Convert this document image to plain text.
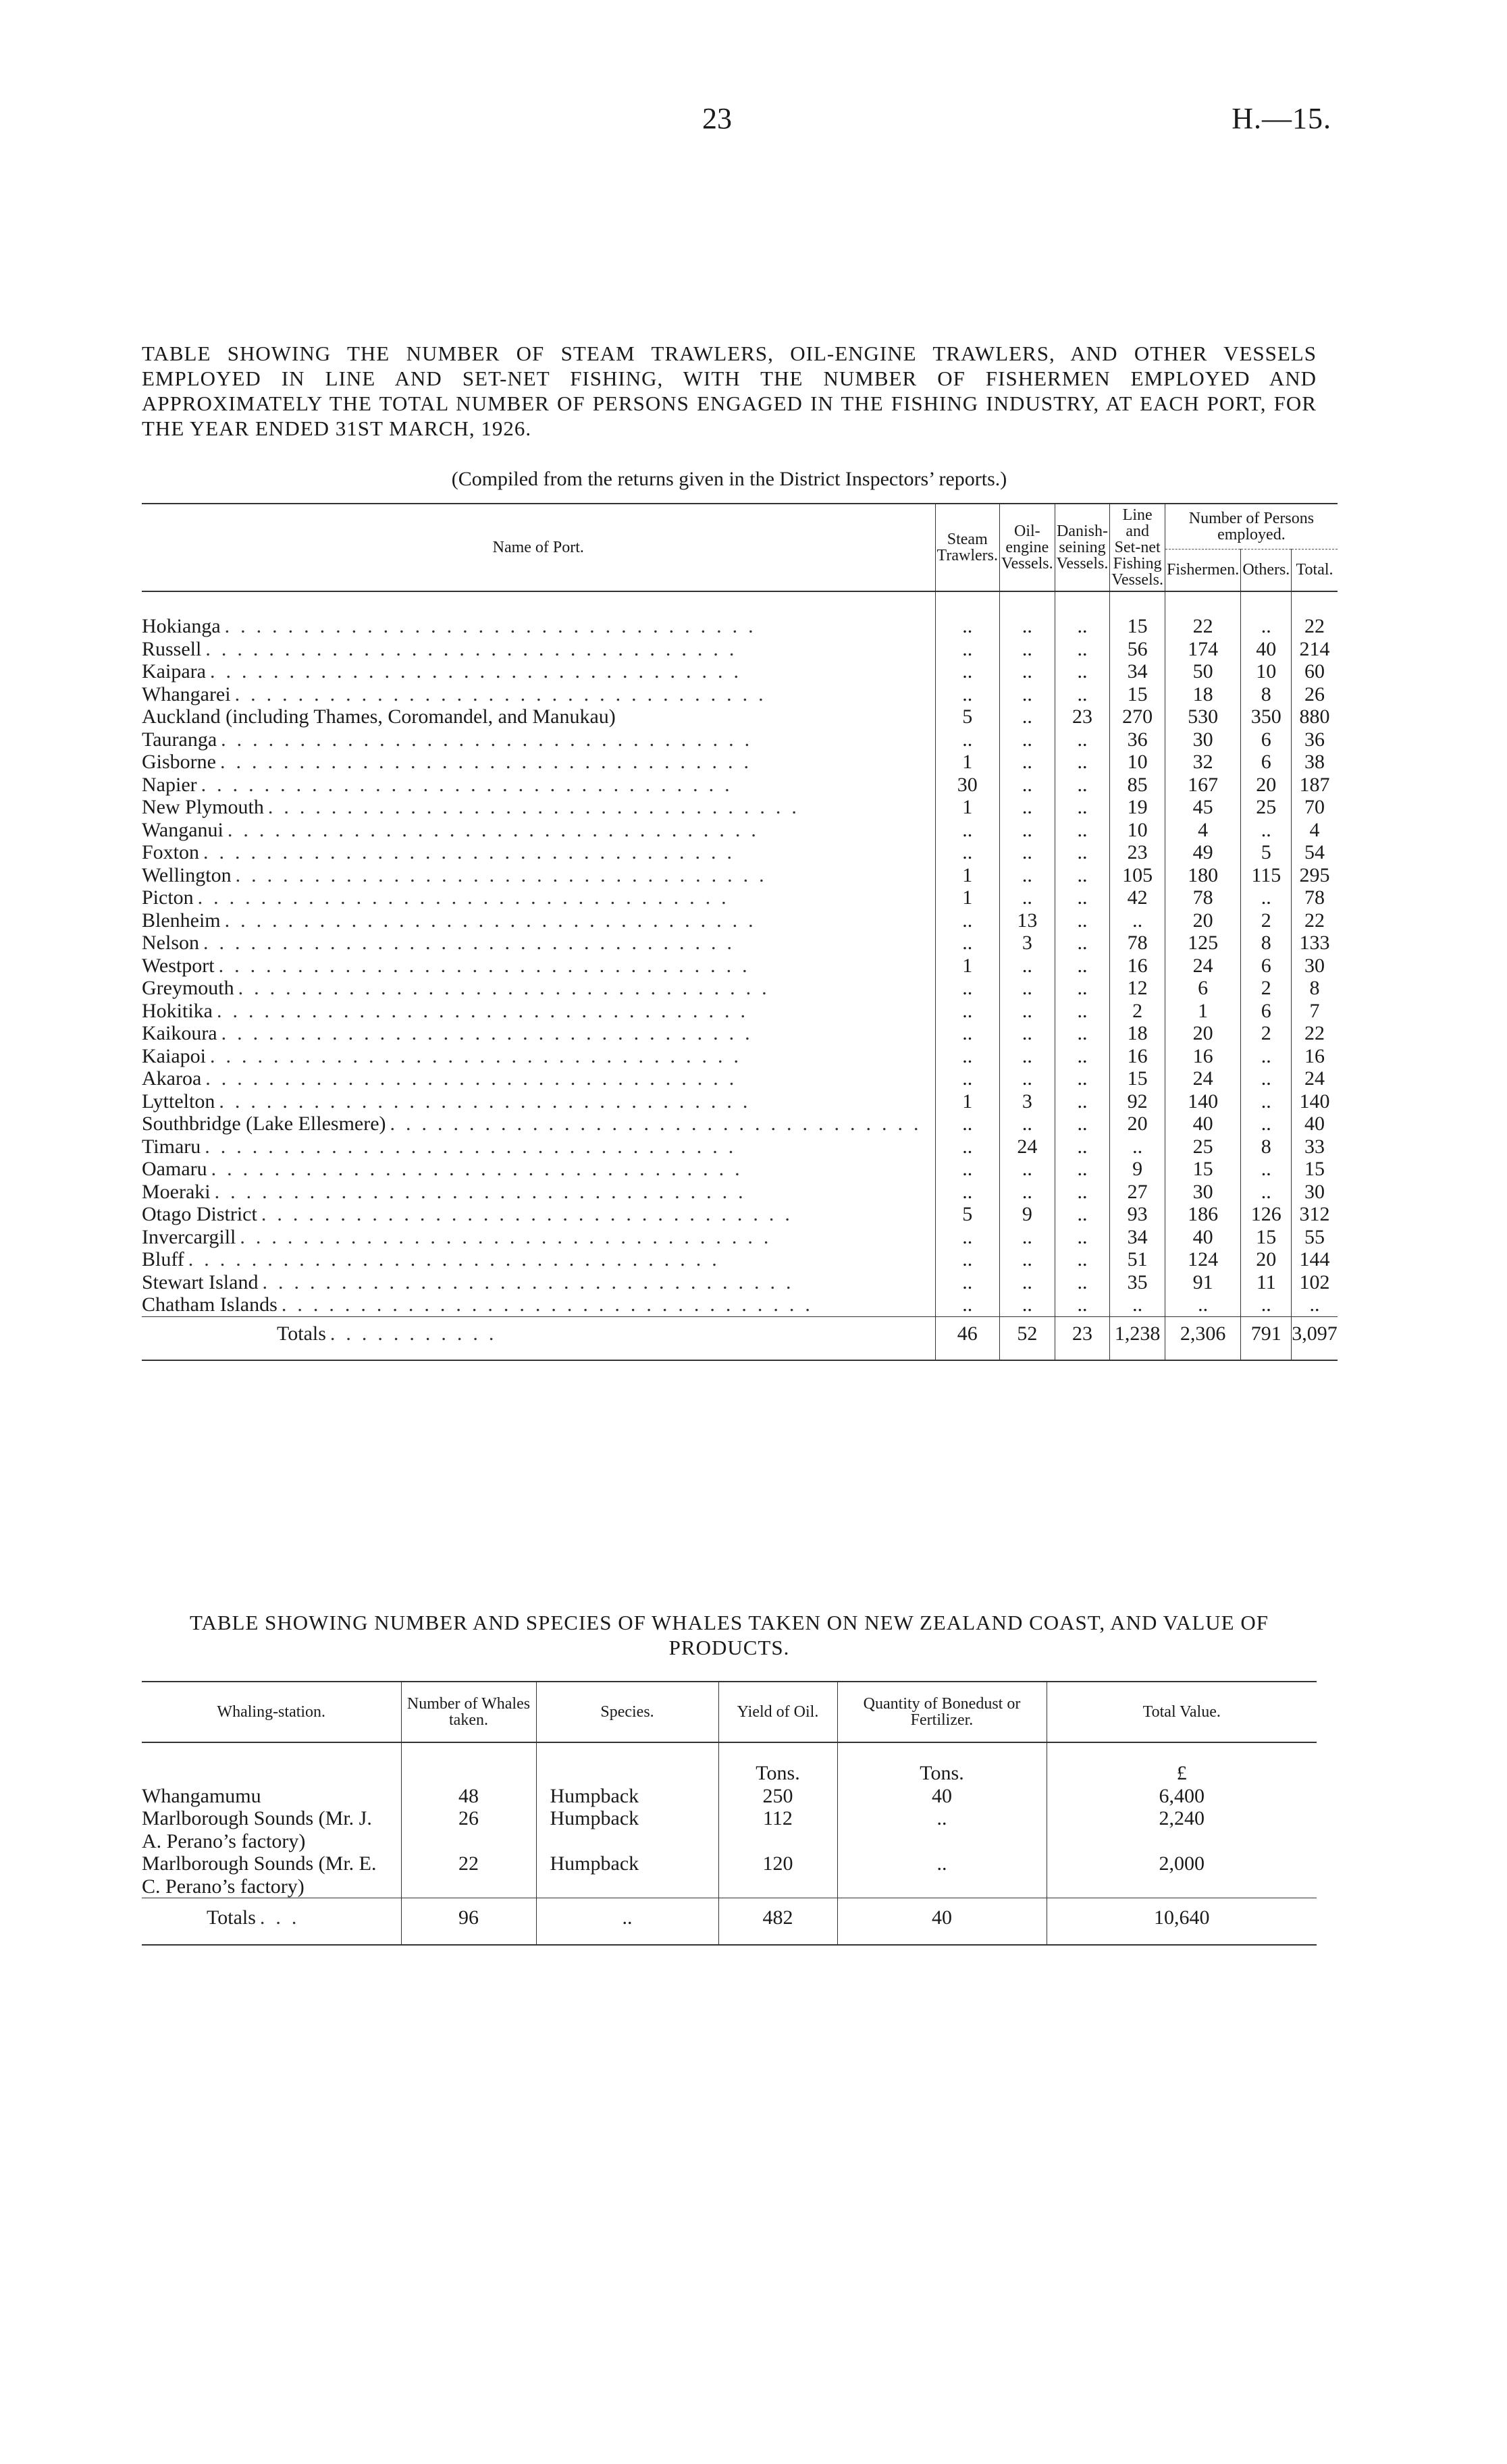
23	H.—15.
TABLE SHOWING THE NUMBER OF STEAM TRAWLERS, OIL-ENGINE TRAWLERS, AND OTHER VESSELS EMPLOYED IN LINE AND SET-NET FISHING, WITH THE NUMBER OF FISHERMEN EMPLOYED AND APPROXIMATELY THE TOTAL NUMBER OF PERSONS ENGAGED IN THE FISHING INDUSTRY, AT EACH PORT, FOR THE YEAR ENDED 31ST MARCH, 1926.
(Compiled from the returns given in the District Inspectors’ reports.)
Name of Port.	Steam Trawlers.	Oil-engine Vessels.	Danish-seining Vessels.	Line and Set-net Fishing Vessels.	Number of Persons employed.		
					Fishermen.	Others.	Total.

Hokianga ..................................	..	..	..	15	22	..	22

Russell ..................................	..	..	..	56	174	40	214

Kaipara ..................................	..	..	..	34	50	10	60

Whangarei ..................................	..	..	..	15	18	8	26
Auckland (including Thames, Coromandel, and Manukau)	5	..	23	270	530	350	880

Tauranga ..................................	..	..	..	36	30	6	36

Gisborne ..................................	1	..	..	10	32	6	38

Napier ..................................	30	..	..	85	167	20	187

New Plymouth ..................................	1	..	..	19	45	25	70

Wanganui ..................................	..	..	..	10	4	..	4

Foxton ..................................	..	..	..	23	49	5	54

Wellington ..................................	1	..	..	105	180	115	295

Picton ..................................	1	..	..	42	78	..	78

Blenheim ..................................	..	13	..	..	20	2	22

Nelson ..................................	..	3	..	78	125	8	133

Westport ..................................	1	..	..	16	24	6	30

Greymouth ..................................	..	..	..	12	6	2	8

Hokitika ..................................	..	..	..	2	1	6	7

Kaikoura ..................................	..	..	..	18	20	2	22

Kaiapoi ..................................	..	..	..	16	16	..	16

Akaroa ..................................	..	..	..	15	24	..	24

Lyttelton ..................................	1	3	..	92	140	..	140

Southbridge (Lake Ellesmere) ..................................	..	..	..	20	40	..	40

Timaru ..................................	..	24	..	..	25	8	33

Oamaru ..................................	..	..	..	9	15	..	15

Moeraki ..................................	..	..	..	27	30	..	30

Otago District ..................................	5	9	..	93	186	126	312

Invercargill ..................................	..	..	..	34	40	15	55

Bluff ..................................	..	..	..	51	124	20	144

Stewart Island ..................................	..	..	..	35	91	11	102

Chatham Islands ..................................	..	..	..	..	..	..	..

Totals ...........	46	52	23	1,238	2,306	791	3,097
TABLE SHOWING NUMBER AND SPECIES OF WHALES TAKEN ON NEW ZEALAND COAST, AND VALUE OF PRODUCTS.
Whaling-station.	Number of Whales taken.	Species.	Yield of Oil.	Quantity of Bonedust or Fertilizer.	Total Value.
			Tons.	Tons.	£
Whangamumu	48	Humpback	250	40	6,400
Marlborough Sounds (Mr. J. A. Perano’s factory)	26	Humpback	112	..	2,240
Marlborough Sounds (Mr. E. C. Perano’s factory)	22	Humpback	120	..	2,000

Totals ...	96	..	482	40	10,640
